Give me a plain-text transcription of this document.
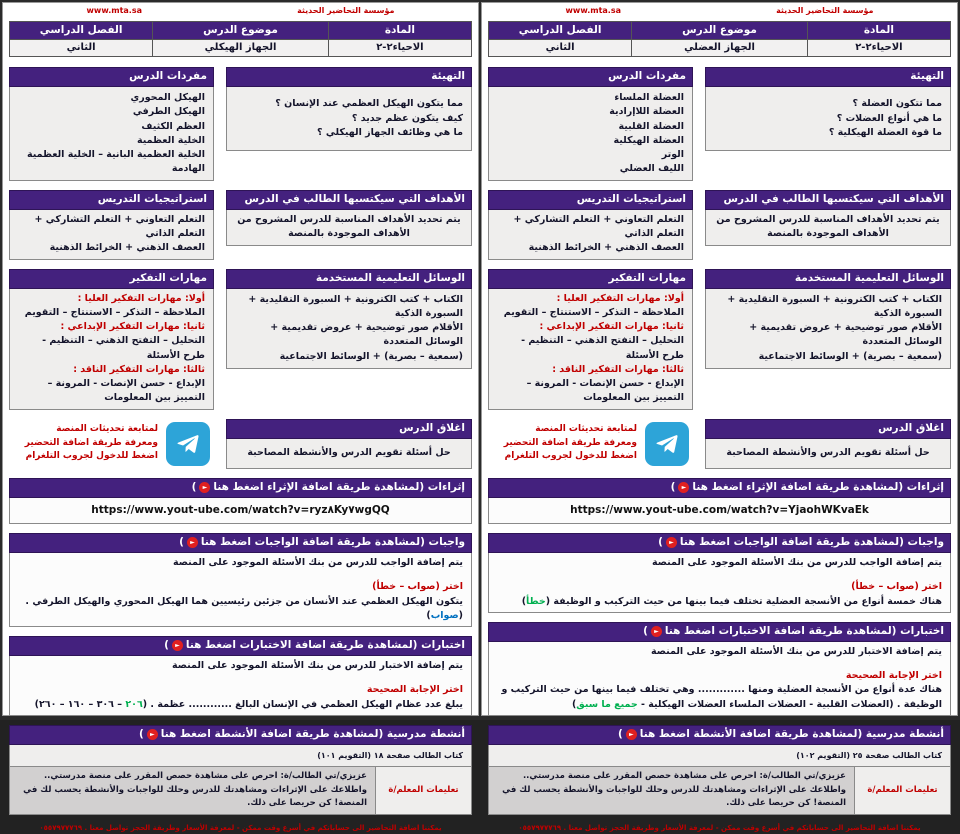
مؤسسة التحاضير الحديثة
www.mta.sa
المادة	موضوع الدرس	الفصل الدراسي
الاحياء٢-٢	الجهاز الهيكلي	الثاني
التهيئة
مما يتكون الهيكل العظمي عند الإنسان ؟
كيف يتكون عظم جديد ؟
ما هي وظائف الجهاز الهيكلي ؟
مفردات الدرس
الهيكل المحوري
الهيكل الطرفي
العظم الكثيف
الخلية العظمية
الخلية العظمية البانية – الخلية العظمية الهادمة
الأهداف التي سيكتسبها الطالب في الدرس
يتم تحديد الأهداف المناسبة للدرس المشروح من الأهداف الموجودة بالمنصة
استراتيجيات التدريس
التعلم التعاوني + التعلم التشاركي + التعلم الذاتي
العصف الذهني + الخرائط الذهنية
الوسائل التعليمية المستخدمة
الكتاب + كتب الكترونية + السبورة التقليدية + السبورة الذكية
الأقلام صور توضيحية + عروض تقديمية + الوسائل المتعددة
(سمعية – بصرية) + الوسائط الاجتماعية
مهارات التفكير
أولا: مهارات التفكير العليا :
الملاحظة – التذكر – الاستنتاج – التقويم
ثانيا: مهارات التفكير الإبداعي :
التحليل – التفتح الذهني – التنظيم - طرح الأسئلة
ثالثا: مهارات التفكير الناقد :
الإبداع - حسن الإنصات - المرونة – التمييز بين المعلومات
اغلاق الدرس
حل أسئلة تقويم الدرس والأنشطة المصاحبة
لمتابعة تحديثات المنصة
ومعرفة طريقة اضافة التحضير
اضغط للدخول لجروب التلغرام
إثراءات (لمشاهدة طريقة اضافة الإثراء اضغط هنا
►
)
https://www.yout-ube.com/watch?v=ryz٨Ky٧wgQQ
واجبات (لمشاهدة طريقة اضافة الواجبات اضغط هنا
►
)
يتم إضافة الواجب للدرس من بنك الأسئلة الموجود على المنصة
اختر (صواب – خطأ)
يتكون الهيكل العظمي عند الأنسان من جزئين رئيسيين هما الهيكل المحوري والهيكل الطرفي . (صواب)
اختبارات (لمشاهدة طريقة اضافة الاختبارات اضغط هنا
►
)
يتم إضافة الاختبار للدرس من بنك الأسئلة الموجود على المنصة
اختر الإجابة الصحيحة
يبلغ عدد عظام الهيكل العظمي في الإنسان البالغ ............ عظمة . (٢٠٦ – ٣٠٦ – ١٦٠ – ٢٦٠)
أنشطة مدرسية (لمشاهدة طريقة اضافة الأنشطة اضغط هنا
►
)
كتاب الطالب صفحة ١٨ (التقويم ١٠١)
تعليمات المعلم/ة
عزيزي/تي الطالب/ة: احرص على مشاهدة حصص المقرر على منصة مدرستي..
واطلاعك على الإثراءات ومشاهدتك للدرس وحلك للواجبات والأنشطة يحسب لك في المنصة! كن حريصا على ذلك.
يمكننا اضافة التحاضير الى حساباتكم في أسرع وقت ممكن - لمعرفة الأسعار وطريقة الحجز تواصل معنا . ٠٥٥٧٩٧٧٧٦٩
مؤسسة التحاضير الحديثة
www.mta.sa
المادة	موضوع الدرس	الفصل الدراسي
الاحياء٢-٢	الجهاز العضلي	الثاني
التهيئة
مما تتكون العضلة ؟
ما هي أنواع العضلات ؟
ما قوة العضلة الهيكلية ؟
مفردات الدرس
العضلة الملساء
العضلة اللاإرادية
العضلة القلبية
العضلة الهيكلية
الوتر
الليف العضلي
الأهداف التي سيكتسبها الطالب في الدرس
يتم تحديد الأهداف المناسبة للدرس المشروح من الأهداف الموجودة بالمنصة
استراتيجيات التدريس
التعلم التعاوني + التعلم التشاركي + التعلم الذاتي
العصف الذهني + الخرائط الذهنية
الوسائل التعليمية المستخدمة
الكتاب + كتب الكترونية + السبورة التقليدية + السبورة الذكية
الأقلام صور توضيحية + عروض تقديمية + الوسائل المتعددة
(سمعية – بصرية) + الوسائط الاجتماعية
مهارات التفكير
أولا: مهارات التفكير العليا :
الملاحظة – التذكر – الاستنتاج – التقويم
ثانيا: مهارات التفكير الإبداعي :
التحليل – التفتح الذهني – التنظيم - طرح الأسئلة
ثالثا: مهارات التفكير الناقد :
الإبداع - حسن الإنصات - المرونة – التمييز بين المعلومات
اغلاق الدرس
حل أسئلة تقويم الدرس والأنشطة المصاحبة
لمتابعة تحديثات المنصة
ومعرفة طريقة اضافة التحضير
اضغط للدخول لجروب التلغرام
إثراءات (لمشاهدة طريقة اضافة الإثراء اضغط هنا
►
)
https://www.yout-ube.com/watch?v=YjaohWKvaEk
واجبات (لمشاهدة طريقة اضافة الواجبات اضغط هنا
►
)
يتم إضافة الواجب للدرس من بنك الأسئلة الموجود على المنصة
اختر (صواب – خطأ)
هناك خمسة أنواع من الأنسجة العضلية تختلف فيما بينها من حيث التركيب و الوظيفة (خطأ)
اختبارات (لمشاهدة طريقة اضافة الاختبارات اضغط هنا
►
)
يتم إضافة الاختبار للدرس من بنك الأسئلة الموجود على المنصة
اختر الإجابة الصحيحة
هناك عدة أنواع من الأنسجة العضلية ومنها ............. وهي تختلف فيما بينها من حيث التركيب و الوظيفة . (العضلات القلبية - العضلات الملساء العضلات الهيكلية - جميع ما سبق)
أنشطة مدرسية (لمشاهدة طريقة اضافة الأنشطة اضغط هنا
►
)
كتاب الطالب صفحة ٢٥ (التقويم ١٠٢)
تعليمات المعلم/ة
عزيزي/تي الطالب/ة: احرص على مشاهدة حصص المقرر على منصة مدرستي..
واطلاعك على الإثراءات ومشاهدتك للدرس وحلك للواجبات والأنشطة يحسب لك في المنصة! كن حريصا على ذلك.
يمكننا اضافة التحاضير الى حساباتكم في أسرع وقت ممكن - لمعرفة الأسعار وطريقة الحجز تواصل معنا . ٠٥٥٧٩٧٧٧٦٩
